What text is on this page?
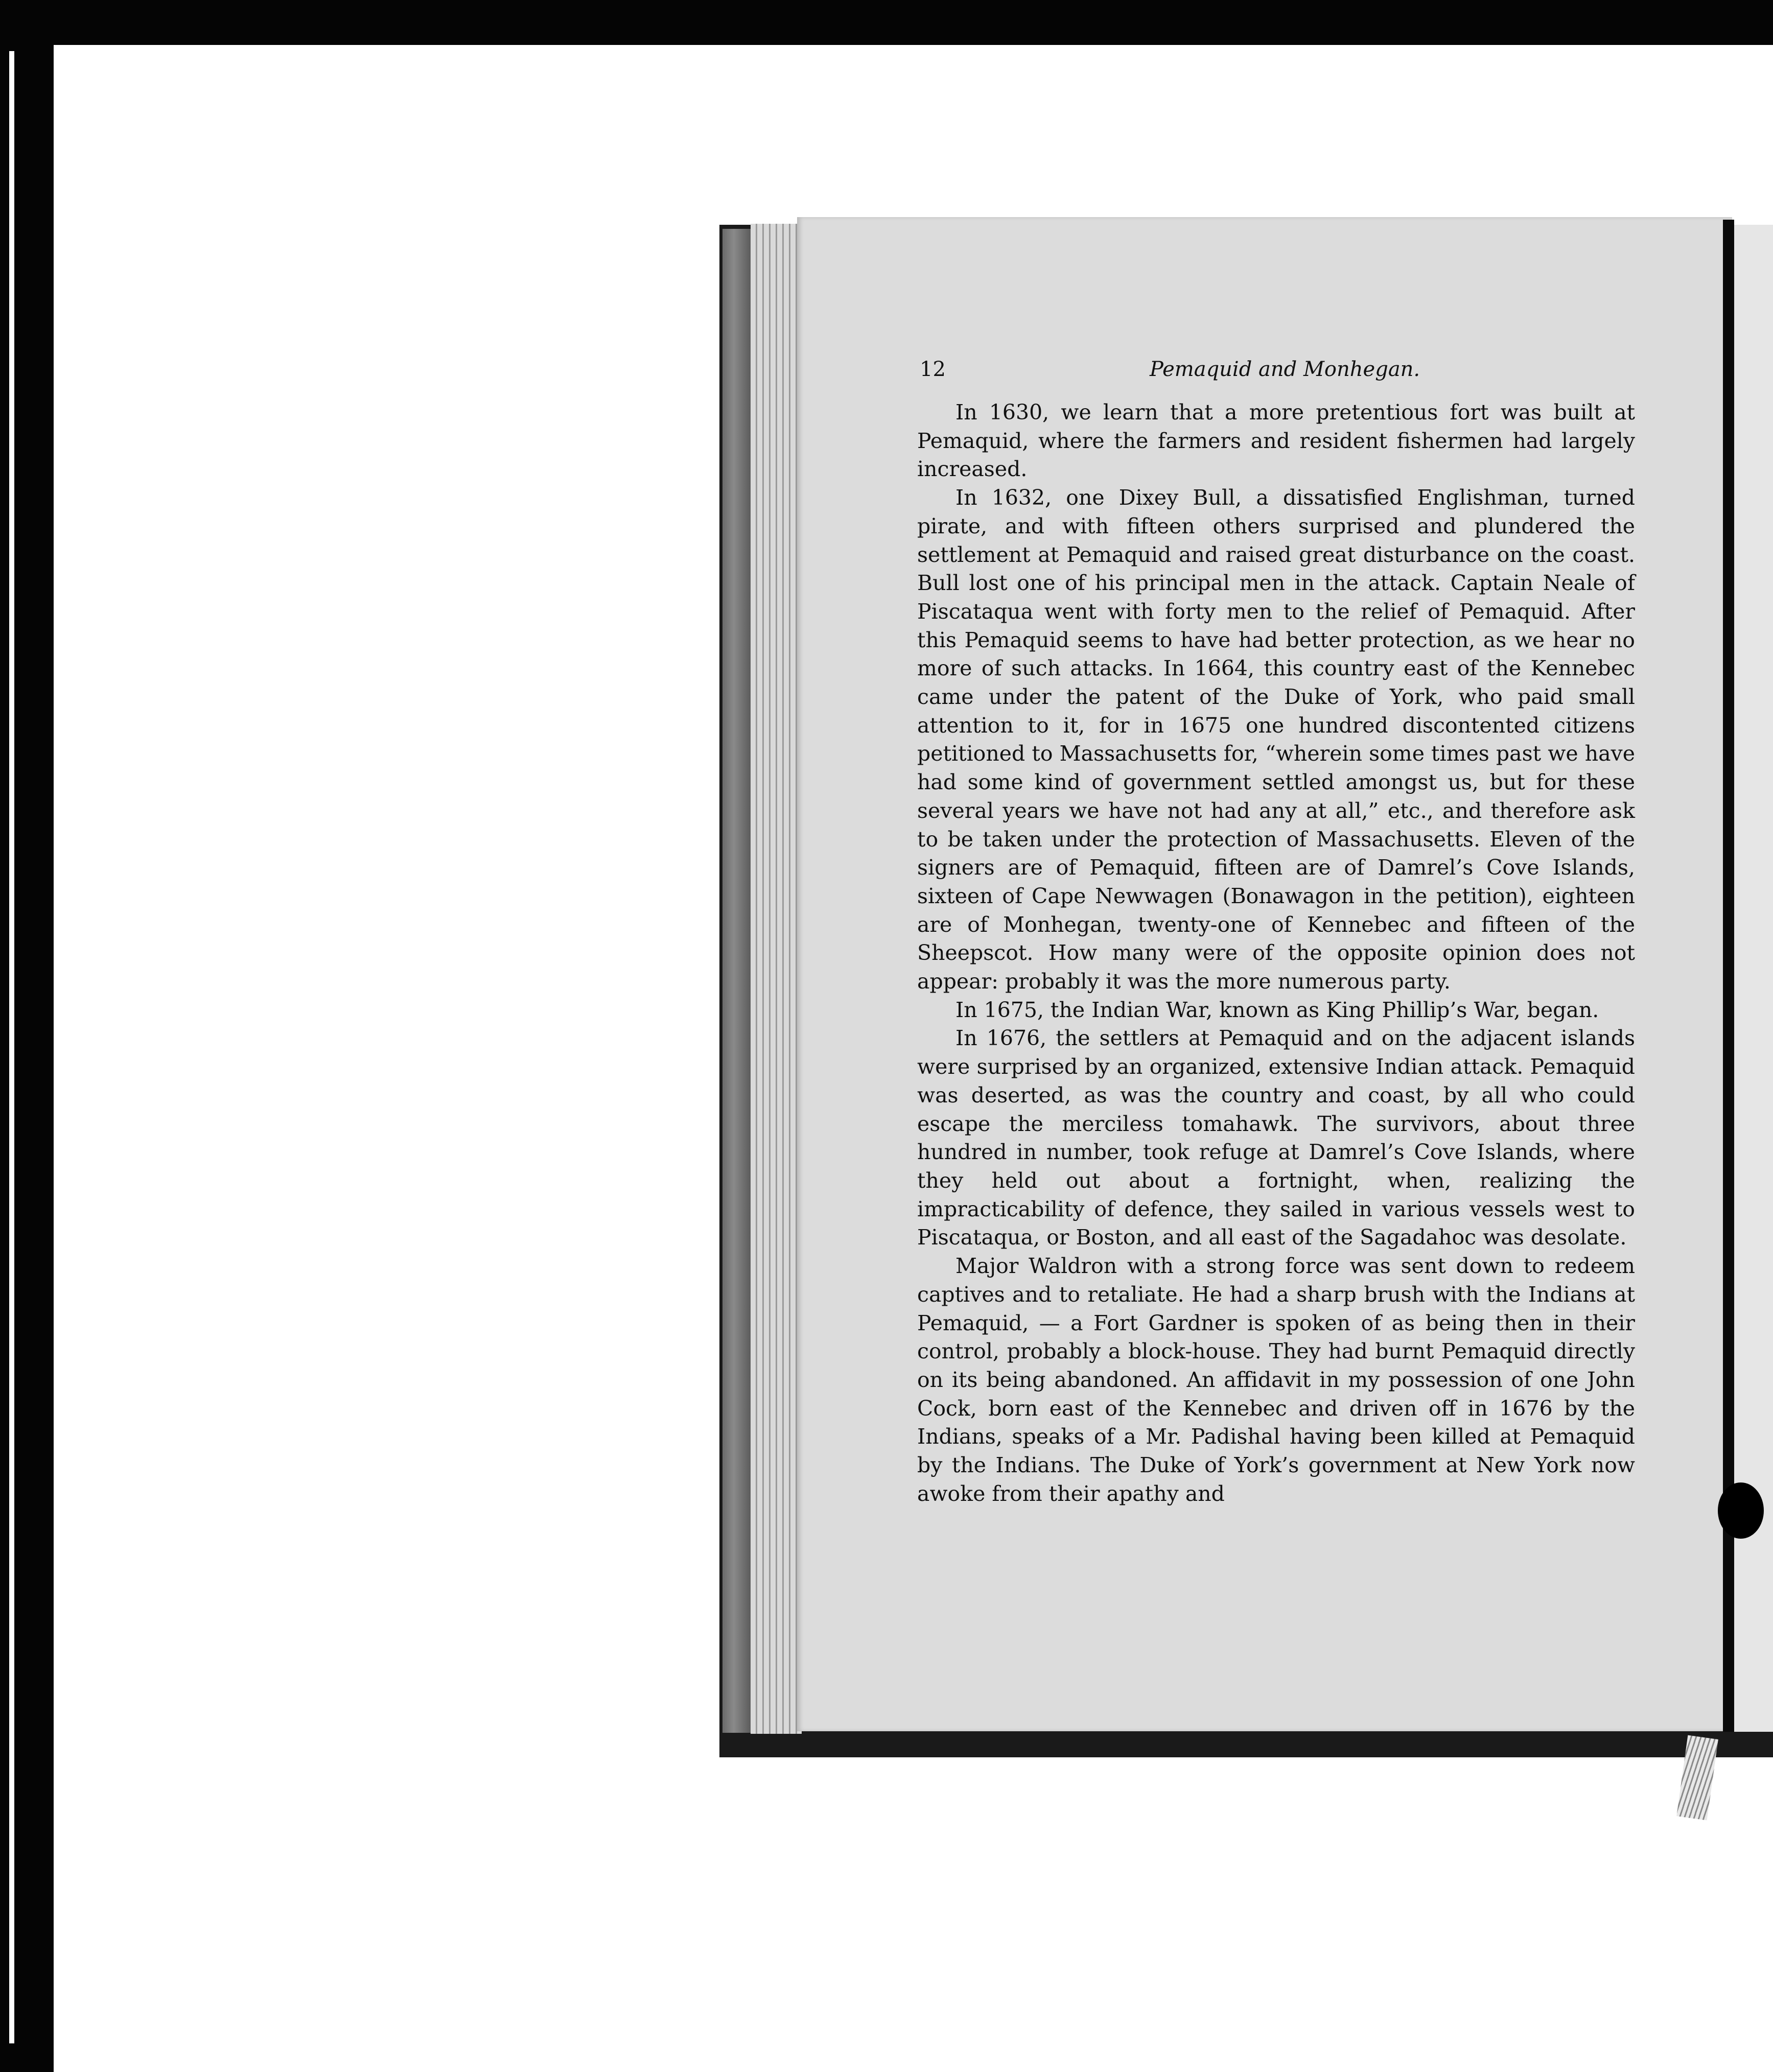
12	Pemaquid and Monhegan.

In 1630, we learn that a more pretentious fort was built at Pemaquid, where the farmers and resident fishermen had largely increased.

In 1632, one Dixey Bull, a dissatisfied Englishman, turned pirate, and with fifteen others surprised and plundered the settlement at Pemaquid and raised great disturbance on the coast. Bull lost one of his principal men in the attack. Captain Neale of Piscataqua went with forty men to the relief of Pemaquid. After this Pemaquid seems to have had better protection, as we hear no more of such attacks. In 1664, this country east of the Kennebec came under the patent of the Duke of York, who paid small attention to it, for in 1675 one hundred discontented citizens petitioned to Massachusetts for, “wherein some times past we have had some kind of government settled amongst us, but for these several years we have not had any at all,” etc., and therefore ask to be taken under the protection of Massachusetts. Eleven of the signers are of Pemaquid, fifteen are of Damrel’s Cove Islands, sixteen of Cape Newwagen (Bonawagon in the petition), eighteen are of Monhegan, twenty-one of Kennebec and fifteen of the Sheepscot. How many were of the opposite opinion does not appear: probably it was the more numerous party.

In 1675, the Indian War, known as King Phillip’s War, began.

In 1676, the settlers at Pemaquid and on the adjacent islands were surprised by an organized, extensive Indian attack. Pemaquid was deserted, as was the country and coast, by all who could escape the merciless tomahawk. The survivors, about three hundred in number, took refuge at Damrel’s Cove Islands, where they held out about a fortnight, when, realizing the impracticability of defence, they sailed in various vessels west to Piscataqua, or Boston, and all east of the Sagadahoc was desolate.

Major Waldron with a strong force was sent down to redeem captives and to retaliate. He had a sharp brush with the Indians at Pemaquid, — a Fort Gardner is spoken of as being then in their control, probably a block-house. They had burnt Pemaquid directly on its being abandoned. An affidavit in my possession of one John Cock, born east of the Kennebec and driven off in 1676 by the Indians, speaks of a Mr. Padishal having been killed at Pemaquid by the Indians. The Duke of York’s government at New York now awoke from their apathy and
